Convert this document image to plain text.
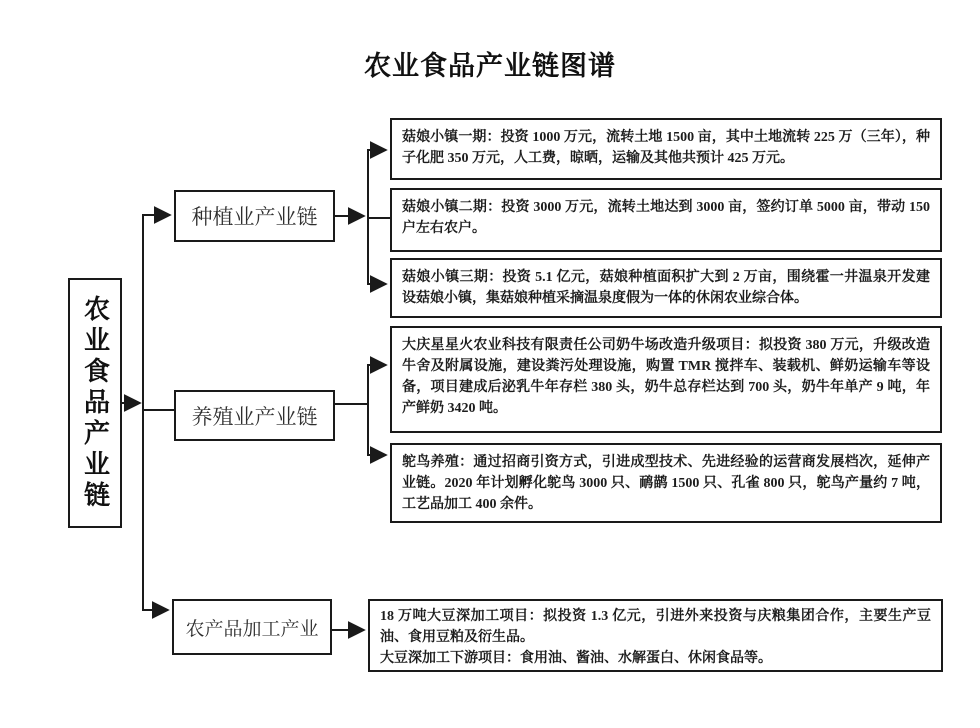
农业食品产业链图谱
农业食品产业链
种植业产业链
养殖业产业链
农产品加工产业
菇娘小镇一期：投资 1000 万元，流转土地 1500 亩，其中土地流转 225 万（三年），种子化肥 350 万元，人工费，晾晒，运输及其他共预计 425 万元。
菇娘小镇二期：投资 3000 万元，流转土地达到 3000 亩，签约订单 5000 亩，带动 150 户左右农户。
菇娘小镇三期：投资 5.1 亿元，菇娘种植面积扩大到 2 万亩，围绕霍一井温泉开发建设菇娘小镇，集菇娘种植采摘温泉度假为一体的休闲农业综合体。
大庆星星火农业科技有限责任公司奶牛场改造升级项目：拟投资 380 万元，升级改造牛舍及附属设施，建设粪污处理设施，购置 TMR 搅拌车、装载机、鲜奶运输车等设备，项目建成后泌乳牛年存栏 380 头，奶牛总存栏达到 700 头，奶牛年单产 9 吨，年产鲜奶 3420 吨。
鸵鸟养殖：通过招商引资方式，引进成型技术、先进经验的运营商发展档次，延伸产业链。2020 年计划孵化鸵鸟 3000 只、鸸鹋 1500 只、孔雀 800 只，鸵鸟产量约 7 吨，工艺品加工 400 余件。
18 万吨大豆深加工项目：拟投资 1.3 亿元，引进外来投资与庆粮集团合作，主要生产豆油、食用豆粕及衍生品。
大豆深加工下游项目：食用油、酱油、水解蛋白、休闲食品等。
